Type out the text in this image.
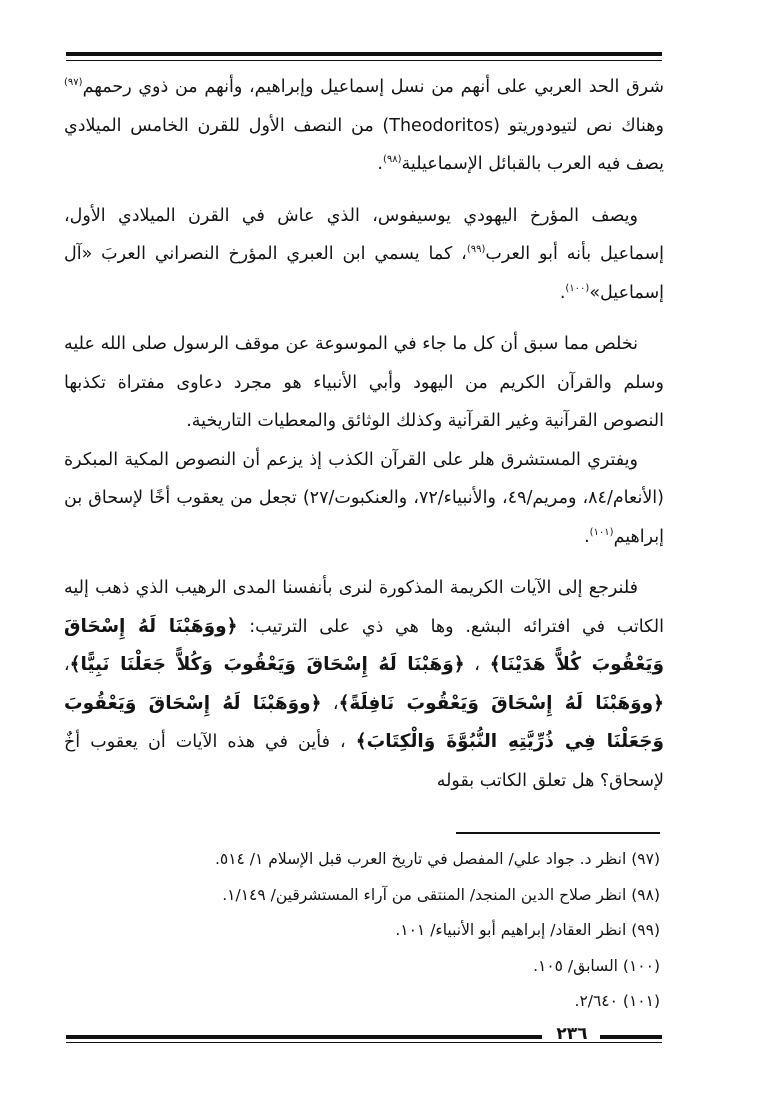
شرق الحد العربي على أنهم من نسل إسماعيل وإبراهيم، وأنهم من ذوي رحمهم$^{(٩٧)}$ وهناك نص لتيودوريتو (Theodoritos) من النصف الأول للقرن الخامس الميلادي يصف فيه العرب بالقبائل الإسماعيلية$^{(٩٨)}$.

ويصف المؤرخ اليهودي يوسيفوس، الذي عاش في القرن الميلادي الأول، إسماعيل بأنه أبو العرب$^{(٩٩)}$، كما يسمي ابن العبري المؤرخ النصراني العربَ «آل إسماعيل»$^{(١٠٠)}$.

نخلص مما سبق أن كل ما جاء في الموسوعة عن موقف الرسول صلى الله عليه وسلم والقرآن الكريم من اليهود وأبي الأنبياء هو مجرد دعاوى مفتراة تكذبها النصوص القرآنية وغير القرآنية وكذلك الوثائق والمعطيات التاريخية.

ويفتري المستشرق هلر على القرآن الكذب إذ يزعم أن النصوص المكية المبكرة (الأنعام/٨٤، ومريم/٤٩، والأنبياء/٧٢، والعنكبوت/٢٧) تجعل من يعقوب أخًا لإسحاق بن إبراهيم$^{(١٠١)}$.

فلنرجع إلى الآيات الكريمة المذكورة لنرى بأنفسنا المدى الرهيب الذي ذهب إليه الكاتب في افترائه البشع. وها هي ذي على الترتيب: ﴿ووَهَبْنَا لَهُ إِسْحَاقَ وَيَعْقُوبَ كُلاًّ هَدَيْنَا﴾ ، ﴿وَهَبْنَا لَهُ إِسْحَاقَ وَيَعْقُوبَ وَكُلاًّ جَعَلْنَا نَبِيًّا﴾، ﴿ووَهَبْنَا لَهُ إِسْحَاقَ وَيَعْقُوبَ نَافِلَةً﴾، ﴿ووَهَبْنَا لَهُ إِسْحَاقَ وَيَعْقُوبَ وَجَعَلْنَا فِي ذُرِّيَّتِهِ النُّبُوَّةَ وَالْكِتَابَ﴾ ، فأين في هذه الآيات أن يعقوب أخٌ لإسحاق؟ هل تعلق الكاتب بقوله

(٩٧) انظر د. جواد علي/ المفصل في تاريخ العرب قبل الإسلام ١/ ٥١٤.

(٩٨) انظر صلاح الدين المنجد/ المنتقى من آراء المستشرقين/ ١/١٤٩.

(٩٩) انظر العقاد/ إبراهيم أبو الأنبياء/ ١٠١.

(١٠٠) السابق/ ١٠٥.

(١٠١) ٢/٦٤٠.

٢٣٦
